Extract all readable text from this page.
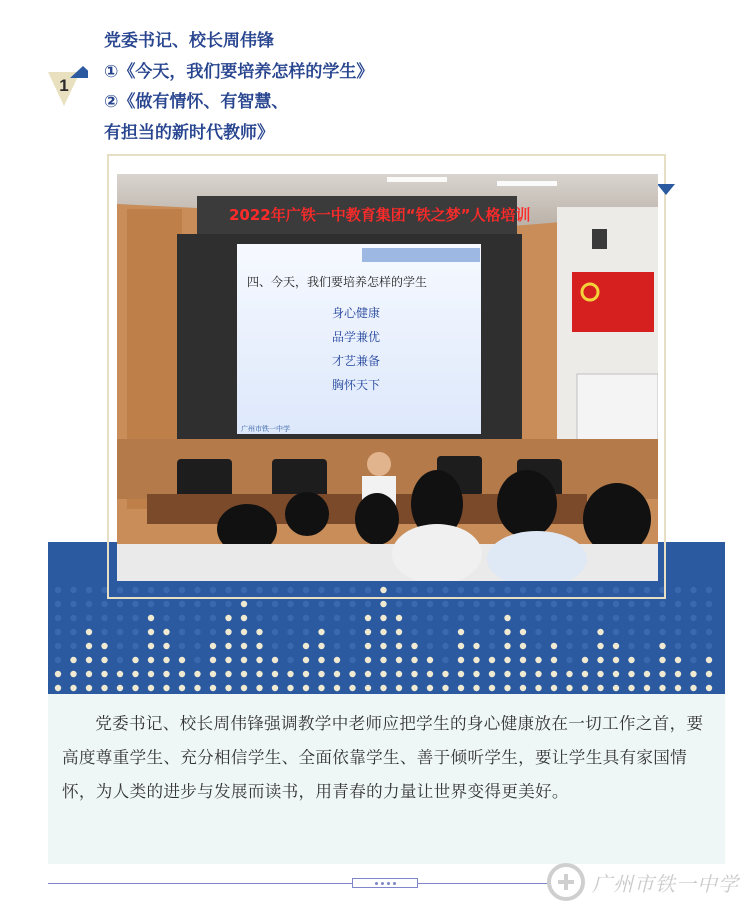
1
党委书记、校长周伟锋
①《今天，我们要培养怎样的学生》
②《做有情怀、有智慧、
有担当的新时代教师》
2022年广铁一中教育集团“铁之梦”人格培训
四、今天，我们要培养怎样的学生
身心健康
品学兼优
才艺兼备
胸怀天下
广州市铁一中学

党委书记、校长周伟锋强调教学中老师应把学生的身心健康放在一切工作之首，要高度尊重学生、充分相信学生、全面依靠学生、善于倾听学生，要让学生具有家国情怀，为人类的进步与发展而读书，用青春的力量让世界变得更美好。

广州市铁一中学
